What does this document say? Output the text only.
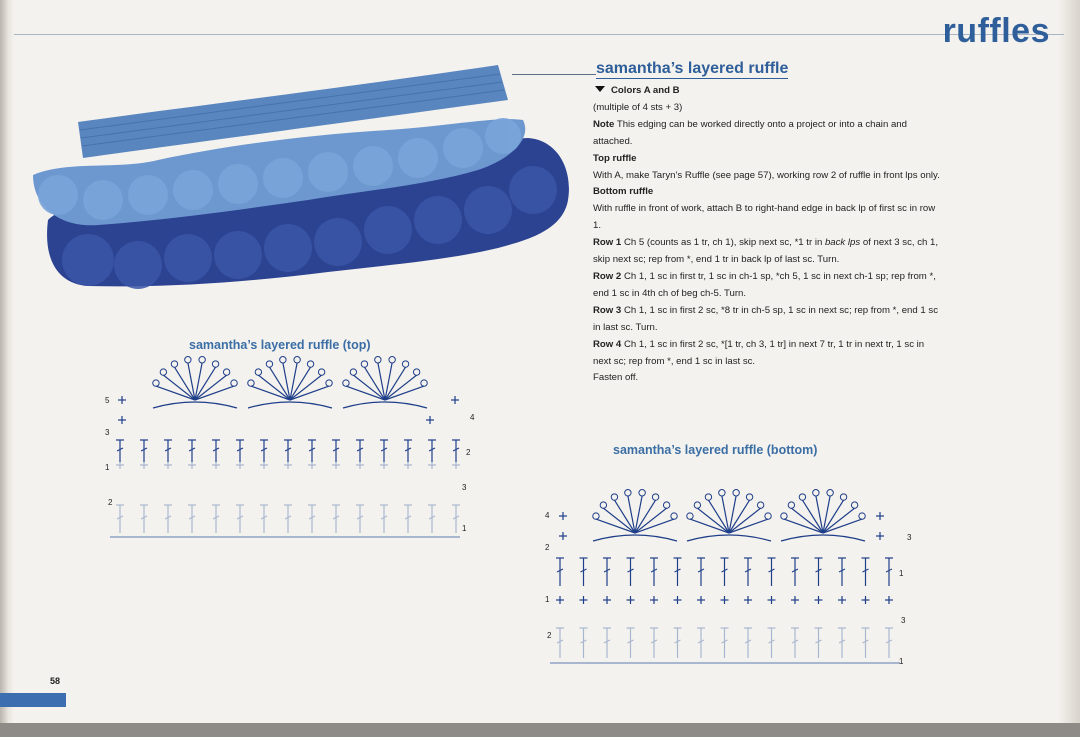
ruffles
samantha’s layered ruffle

Colors A and B

(multiple of 4 sts + 3)

Note This edging can be worked directly onto a project or into a chain and attached.

Top ruffle

With A, make Taryn’s Ruffle (see page 57), working row 2 of ruffle in front lps only.

Bottom ruffle

With ruffle in front of work, attach B to right-hand edge in back lp of first sc in row 1.

Row 1 Ch 5 (counts as 1 tr, ch 1), skip next sc, *1 tr in back lps of next 3 sc, ch 1, skip next sc; rep from *, end 1 tr in back lp of last sc. Turn.

Row 2 Ch 1, 1 sc in first tr, 1 sc in ch-1 sp, *ch 5, 1 sc in next ch-1 sp; rep from *, end 1 sc in 4th ch of beg ch-5. Turn.

Row 3 Ch 1, 1 sc in first 2 sc, *8 tr in ch-5 sp, 1 sc in next sc; rep from *, end 1 sc in last sc. Turn.

Row 4 Ch 1, 1 sc in first 2 sc, *[1 tr, ch 3, 1 tr] in next 7 tr, 1 tr in next tr, 1 sc in next sc; rep from *, end 1 sc in last sc.

Fasten off.

samantha’s layered ruffle (top)
samantha’s layered ruffle (bottom)
5
3
1
2
4
2
3
1
4
2
1
2
3
1
3
1
58
